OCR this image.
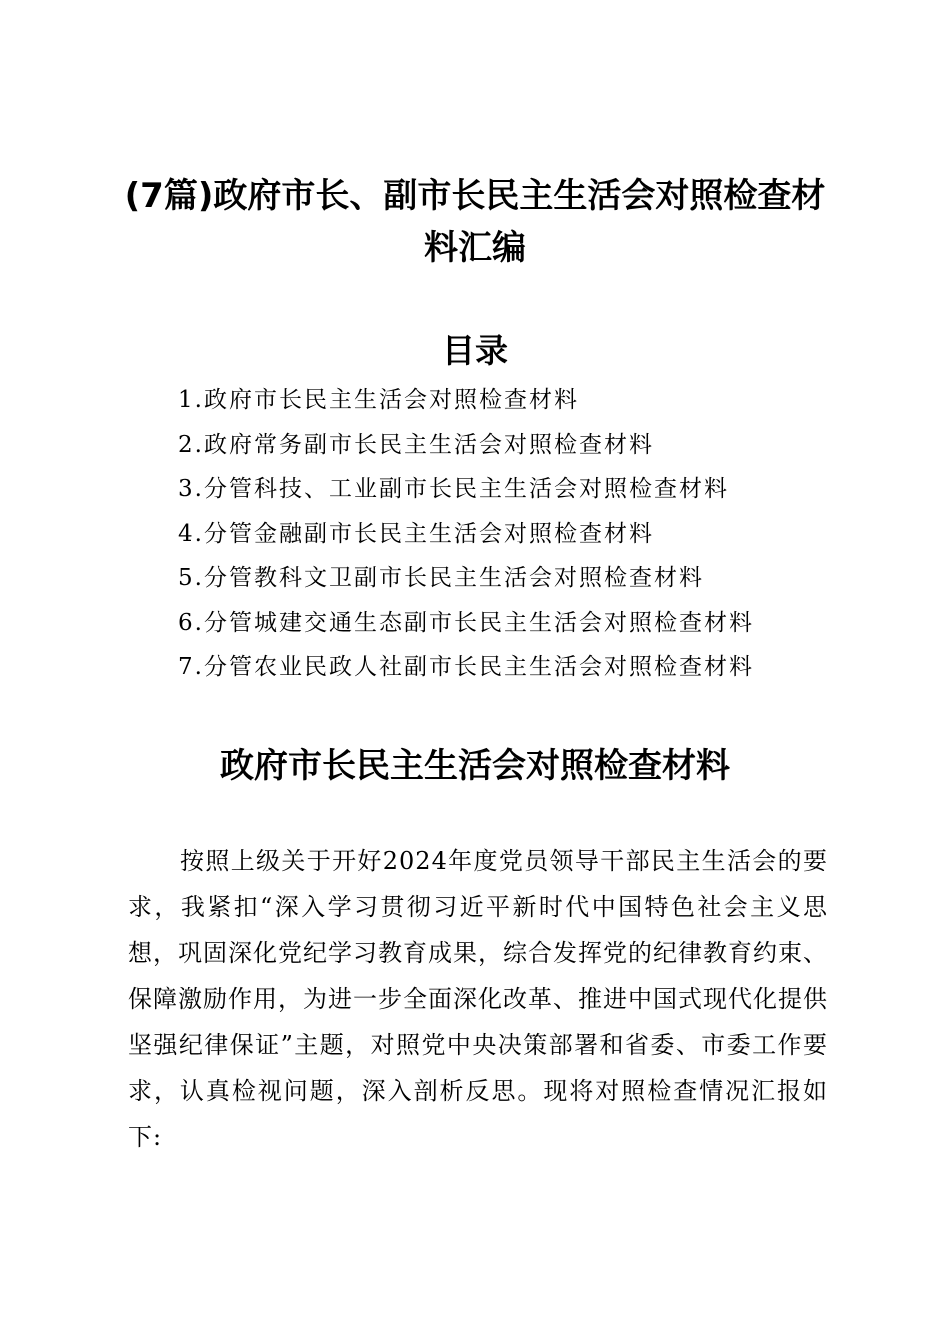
(7篇)政府市长、副市长民主生活会对照检查材料汇编
目录
1.政府市长民主生活会对照检查材料
2.政府常务副市长民主生活会对照检查材料
3.分管科技、工业副市长民主生活会对照检查材料
4.分管金融副市长民主生活会对照检查材料
5.分管教科文卫副市长民主生活会对照检查材料
6.分管城建交通生态副市长民主生活会对照检查材料
7.分管农业民政人社副市长民主生活会对照检查材料
政府市长民主生活会对照检查材料

按照上级关于开好2024年度党员领导干部民主生活会的要求，我紧扣“深入学习贯彻习近平新时代中国特色社会主义思想，巩固深化党纪学习教育成果，综合发挥党的纪律教育约束、保障激励作用，为进一步全面深化改革、推进中国式现代化提供坚强纪律保证”主题，对照党中央决策部署和省委、市委工作要求，认真检视问题，深入剖析反思。现将对照检查情况汇报如下:
